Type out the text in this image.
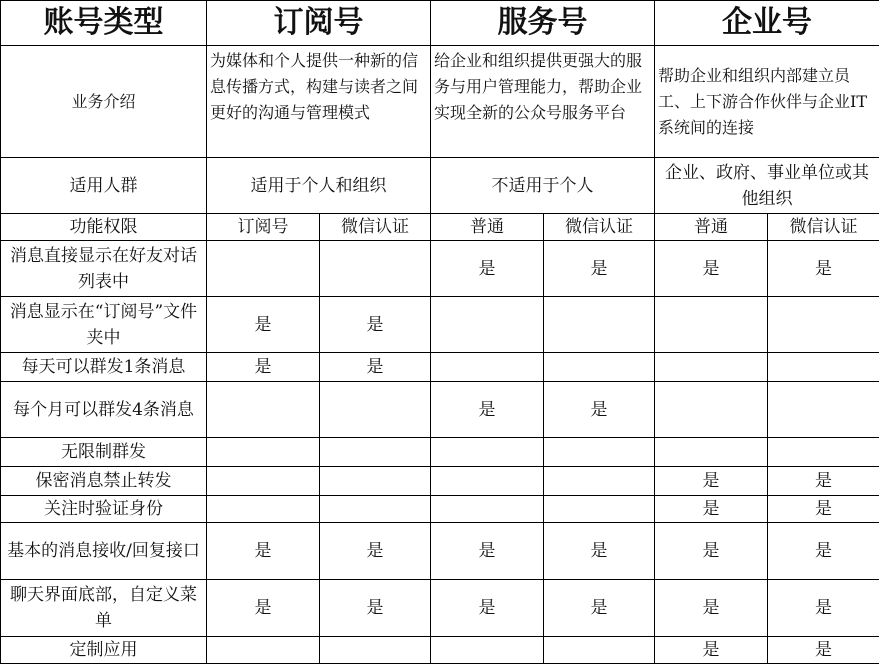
账号类型	订阅号		服务号		企业号	
业务介绍	为媒体和个人提供一种新的信息传播方式，构建与读者之间更好的沟通与管理模式		给企业和组织提供更强大的服务与用户管理能力，帮助企业实现全新的公众号服务平台		帮助企业和组织内部建立员工、上下游合作伙伴与企业IT系统间的连接	
适用人群	适用于个人和组织		不适用于个人		企业、政府、事业单位或其他组织	
功能权限	订阅号	微信认证	普通	微信认证	普通	微信认证
消息直接显示在好友对话列表中			是	是	是	是
消息显示在“订阅号”文件夹中	是	是				
每天可以群发1条消息	是	是				
每个月可以群发4条消息			是	是		
无限制群发						
保密消息禁止转发					是	是
关注时验证身份					是	是
基本的消息接收/回复接口	是	是	是	是	是	是
聊天界面底部，自定义菜单	是	是	是	是	是	是
定制应用					是	是
